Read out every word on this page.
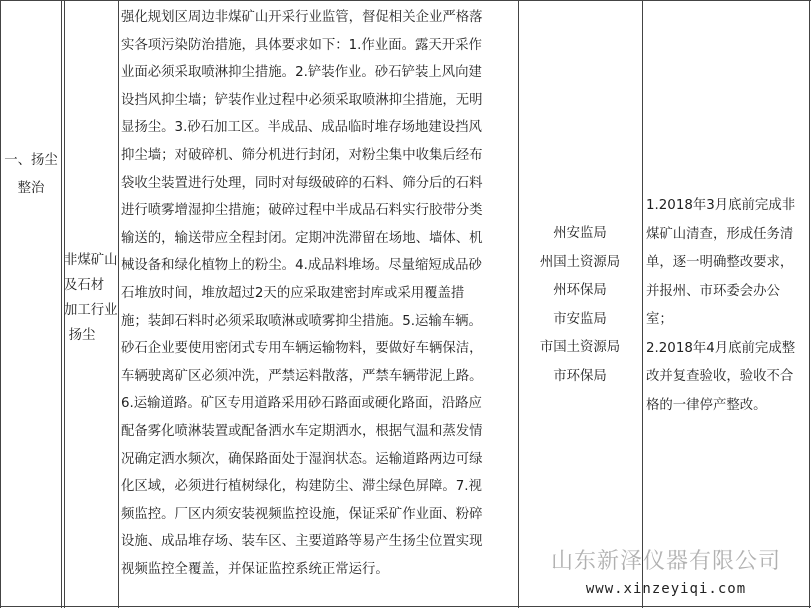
一、扬尘
整治
非煤矿山
及石材
加工行业
扬尘
强化规划区周边非煤矿山开采行业监管，督促相关企业严格落
实各项污染防治措施，具体要求如下：1.作业面。露天开采作
业面必须采取喷淋抑尘措施。2.铲装作业。砂石铲装上风向建
设挡风抑尘墙；铲装作业过程中必须采取喷淋抑尘措施，无明
显扬尘。3.砂石加工区。半成品、成品临时堆存场地建设挡风
抑尘墙；对破碎机、筛分机进行封闭，对粉尘集中收集后经布
袋收尘装置进行处理，同时对每级破碎的石料、筛分后的石料
进行喷雾增湿抑尘措施；破碎过程中半成品石料实行胶带分类
输送的，输送带应全程封闭。定期冲洗滞留在场地、墙体、机
械设备和绿化植物上的粉尘。4.成品料堆场。尽量缩短成品砂
石堆放时间，堆放超过2天的应采取建密封库或采用覆盖措
施；装卸石料时必须采取喷淋或喷雾抑尘措施。5.运输车辆。
砂石企业要使用密闭式专用车辆运输物料，要做好车辆保洁，
车辆驶离矿区必须冲洗，严禁运料散落，严禁车辆带泥上路。
6.运输道路。矿区专用道路采用砂石路面或硬化路面，沿路应
配备雾化喷淋装置或配备洒水车定期洒水，根据气温和蒸发情
况确定洒水频次，确保路面处于湿润状态。运输道路两边可绿
化区域，必须进行植树绿化，构建防尘、滞尘绿色屏障。7.视
频监控。厂区内须安装视频监控设施，保证采矿作业面、粉碎
设施、成品堆存场、装车区、主要道路等易产生扬尘位置实现
视频监控全覆盖，并保证监控系统正常运行。
州安监局
州国土资源局
州环保局
市安监局
市国土资源局
市环保局
1.2018年3月底前完成非
煤矿山清查，形成任务清
单，逐一明确整改要求，
并报州、市环委会办公
室；
2.2018年4月底前完成整
改并复查验收，验收不合
格的一律停产整改。
山东新泽仪器有限公司
www.xinzeyiqi.com
